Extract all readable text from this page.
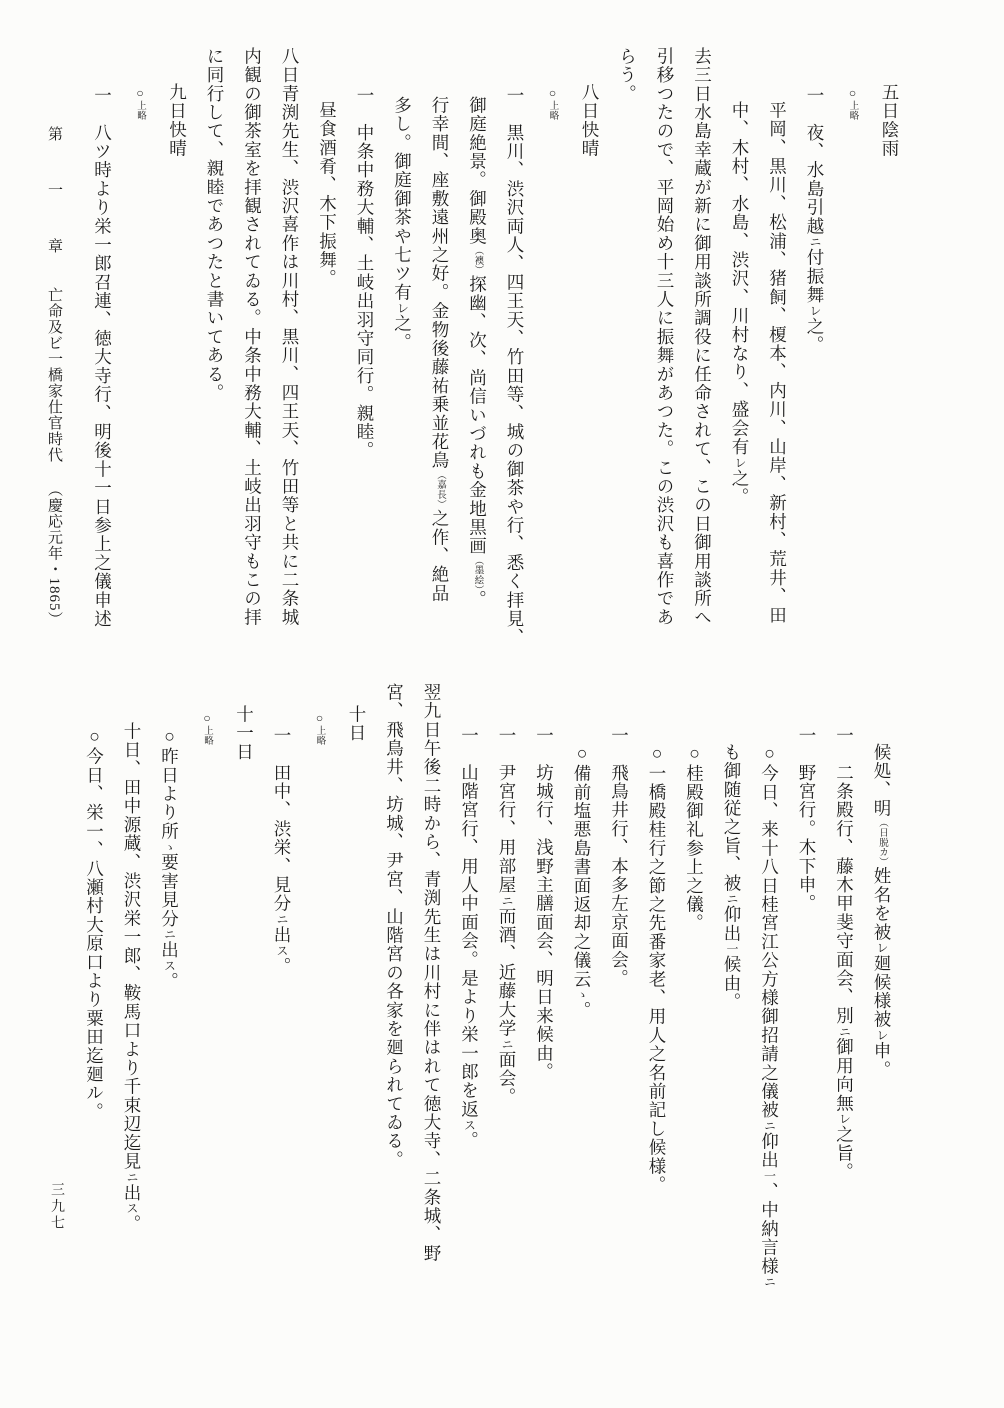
五日陰雨
○上略
一　夜、水島引越ニ付振舞レ之。
平岡、黒川、松浦、猪飼、榎本、内川、山岸、新村、荒井、田
中、木村、水島、渋沢、川村なり、盛会有レ之。
去三日水島幸蔵が新に御用談所調役に任命されて、この日御用談所へ
引移つたので、平岡始め十三人に振舞があつた。この渋沢も喜作であ
らう。
八日快晴
○上略
一　黒川、渋沢両人、四王天、竹田等、城の御茶や行、悉く拝見、
御庭絶景。御殿奥（襖）探幽、次、尚信いづれも金地黒画（墨絵）。
行幸間、座敷遠州之好。金物後藤祐乗並花鳥（嘉長）之作、絶品
多し。御庭御茶や七ツ有レ之。
一　中条中務大輔、土岐出羽守同行。親睦。
昼食酒肴、木下振舞。
八日青渕先生、渋沢喜作は川村、黒川、四王天、竹田等と共に二条城
内観の御茶室を拝観されてゐる。中条中務大輔、土岐出羽守もこの拝
に同行して、親睦であつたと書いてある。
九日快晴
○上略
一　八ツ時より栄一郎召連、徳大寺行、明後十一日参上之儀申述
候処、明（日脱カ）姓名を被レ廻候様被レ申。
一　二条殿行、藤木甲斐守面会、別ニ御用向無レ之旨。
一　野宮行。木下申。
○今日、来十八日桂宮江公方様御招請之儀被ニ仰出一、中納言様ニ
も御随従之旨、被ニ仰出一候由。
○桂殿御礼参上之儀。
○一橋殿桂行之節之先番家老、用人之名前記し候様。
一　飛鳥井行、本多左京面会。
○備前塩悪島書面返却之儀云ゝ。
一　坊城行、浅野主膳面会、明日来候由。
一　尹宮行、用部屋ニ而酒、近藤大学ニ面会。
一　山階宮行、用人中面会。是より栄一郎を返ス。
翌九日午後二時から、青渕先生は川村に伴はれて徳大寺、二条城、野
宮、飛鳥井、坊城、尹宮、山階宮の各家を廻られてゐる。
十日
○上略
一　田中、渋栄、見分ニ出ス。
十一日
○上略
○昨日より所ゝ要害見分ニ出ス。
十日、田中源蔵、渋沢栄一郎、鞍馬口より千束辺迄見ニ出ス。
○今日、栄一、八瀬村大原口より粟田迄廻ル。
第　一　章 亡命及ビ一橋家仕官時代 （慶応元年・1865）
三九七
